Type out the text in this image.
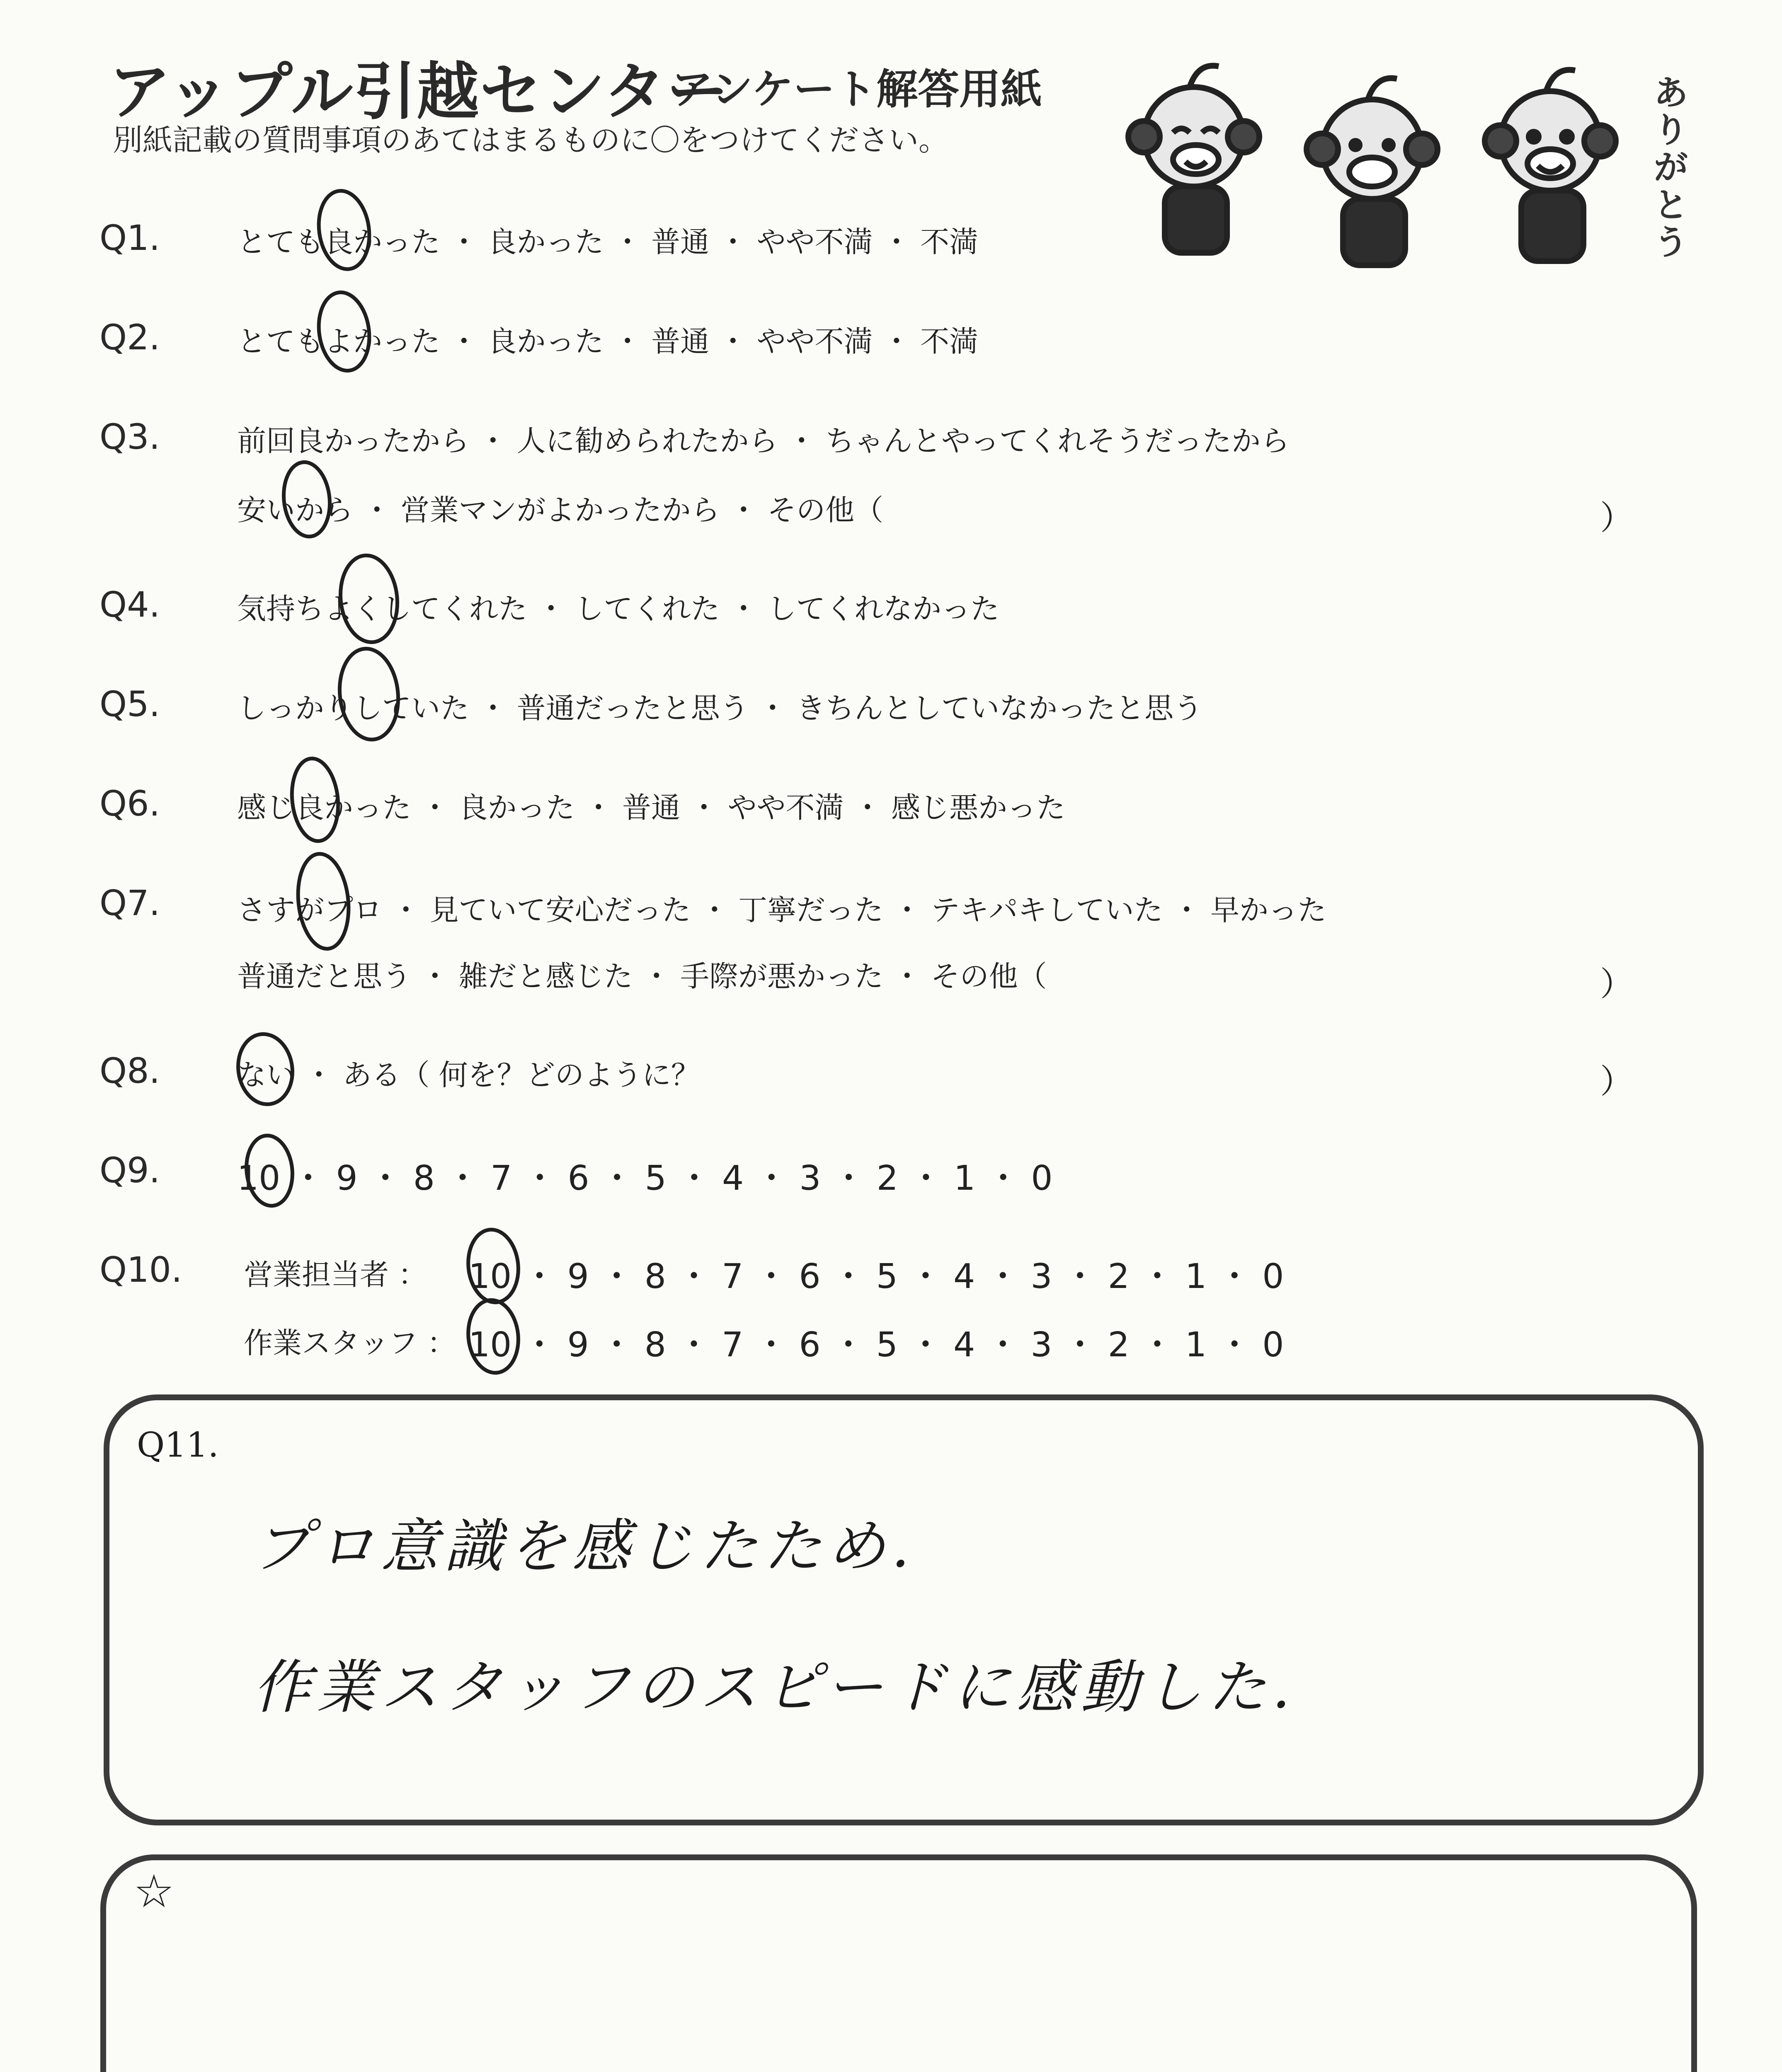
アップル引越センター
アンケート解答用紙
別紙記載の質問事項のあてはまるものに〇をつけてください。
ありがとう
Q1.	とても良かった ・ 良かった ・ 普通 ・ やや不満 ・ 不満
Q2.	とてもよかった ・ 良かった ・ 普通 ・ やや不満 ・ 不満
Q3.	前回良かったから ・ 人に勧められたから ・ ちゃんとやってくれそうだったから
安いから ・ 営業マンがよかったから ・ その他（	）
Q4.	気持ちよくしてくれた ・ してくれた ・ してくれなかった
Q5.	しっかりしていた ・ 普通だったと思う ・ きちんとしていなかったと思う
Q6.	感じ良かった ・ 良かった ・ 普通 ・ やや不満 ・ 感じ悪かった
Q7.	さすがプロ ・ 見ていて安心だった ・ 丁寧だった ・ テキパキしていた ・ 早かった
普通だと思う ・ 雑だと感じた ・ 手際が悪かった ・ その他（	）
Q8.	ない ・ ある（ 何を？どのように？	）
Q9. 10 ・ 9 ・ 8 ・ 7 ・ 6 ・ 5 ・ 4 ・ 3 ・ 2 ・ 1 ・ 0
Q10. 営業担当者 ： 10 ・ 9 ・ 8 ・ 7 ・ 6 ・ 5 ・ 4 ・ 3 ・ 2 ・ 1 ・ 0
作業スタッフ ： 10 ・ 9 ・ 8 ・ 7 ・ 6 ・ 5 ・ 4 ・ 3 ・ 2 ・ 1 ・ 0
Q11.
プロ意識を感じたため.
作業スタッフのスピードに感動した.
☆
